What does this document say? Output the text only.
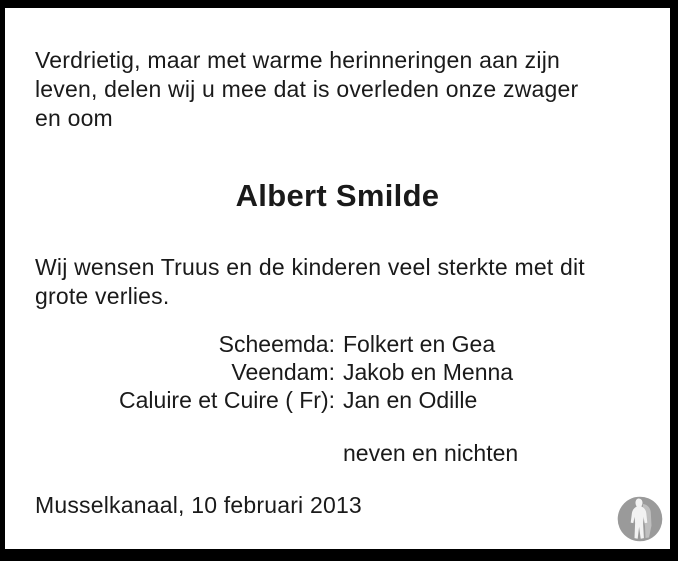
Verdrietig, maar met warme herinneringen aan zijn
leven, delen wij u mee dat is overleden onze zwager
en oom
Albert Smilde
Wij wensen Truus en de kinderen veel sterkte met dit
grote verlies.
Scheemda: Folkert en Gea
Veendam: Jakob en Menna
Caluire et Cuire ( Fr): Jan en Odille
neven en nichten
Musselkanaal, 10 februari 2013
